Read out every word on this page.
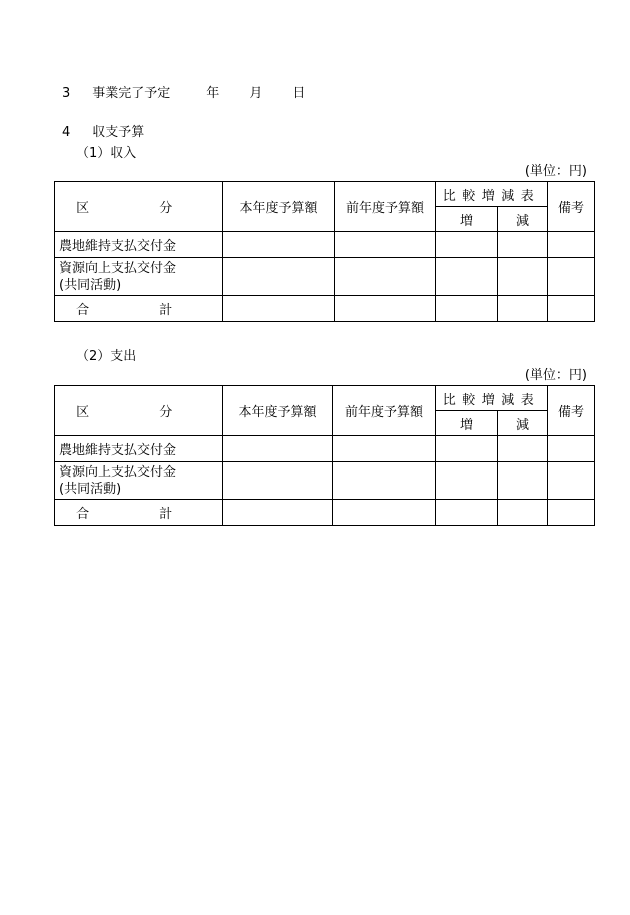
3 事業完了予定	年 月 日
4 収支予算
（1）収入
(単位：円)
区　分	本年度予算額	前年度予算額	比較増減表		備考
			増	減	
農地維持支払交付金					

資源向上支払交付金
(共同活動)					

合　計					
（2）支出
(単位：円)
区　分	本年度予算額	前年度予算額	比較増減表		備考
			増	減	
農地維持支払交付金					

資源向上支払交付金
(共同活動)					

合　計					
